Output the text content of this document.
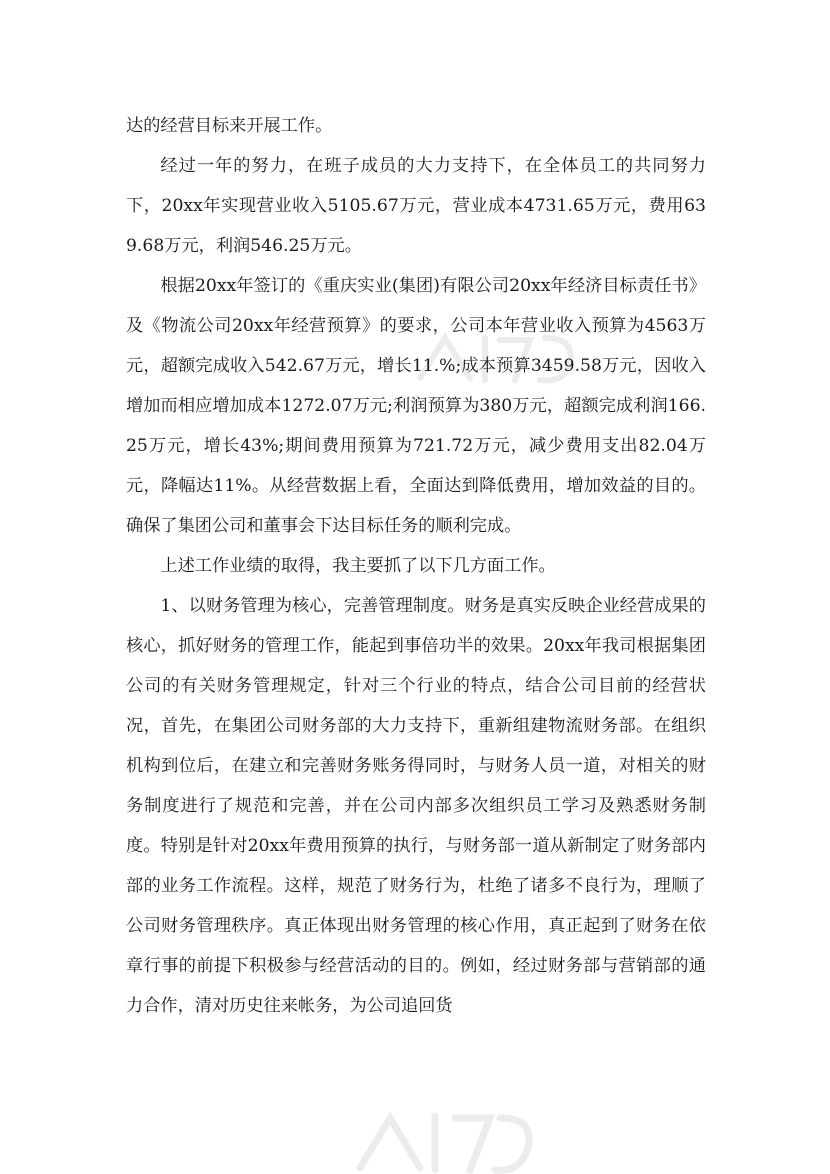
达的经营目标来开展工作。

经过一年的努力，在班子成员的大力支持下，在全体员工的共同努力下，20xx年实现营业收入5105.67万元，营业成本4731.65万元，费用639.68万元，利润546.25万元。

根据20xx年签订的《重庆实业(集团)有限公司20xx年经济目标责任书》及《物流公司20xx年经营预算》的要求，公司本年营业收入预算为4563万元，超额完成收入542.67万元，增长11.%;成本预算3459.58万元，因收入增加而相应增加成本1272.07万元;利润预算为380万元，超额完成利润166.25万元，增长43%;期间费用预算为721.72万元，减少费用支出82.04万元，降幅达11%。从经营数据上看，全面达到降低费用，增加效益的目的。确保了集团公司和董事会下达目标任务的顺利完成。

上述工作业绩的取得，我主要抓了以下几方面工作。

1、以财务管理为核心，完善管理制度。财务是真实反映企业经营成果的核心，抓好财务的管理工作，能起到事倍功半的效果。20xx年我司根据集团公司的有关财务管理规定，针对三个行业的特点，结合公司目前的经营状况，首先，在集团公司财务部的大力支持下，重新组建物流财务部。在组织机构到位后，在建立和完善财务账务得同时，与财务人员一道，对相关的财务制度进行了规范和完善，并在公司内部多次组织员工学习及熟悉财务制度。特别是针对20xx年费用预算的执行，与财务部一道从新制定了财务部内部的业务工作流程。这样，规范了财务行为，杜绝了诸多不良行为，理顺了公司财务管理秩序。真正体现出财务管理的核心作用，真正起到了财务在依章行事的前提下积极参与经营活动的目的。例如，经过财务部与营销部的通力合作，清对历史往来帐务，为公司追回货
